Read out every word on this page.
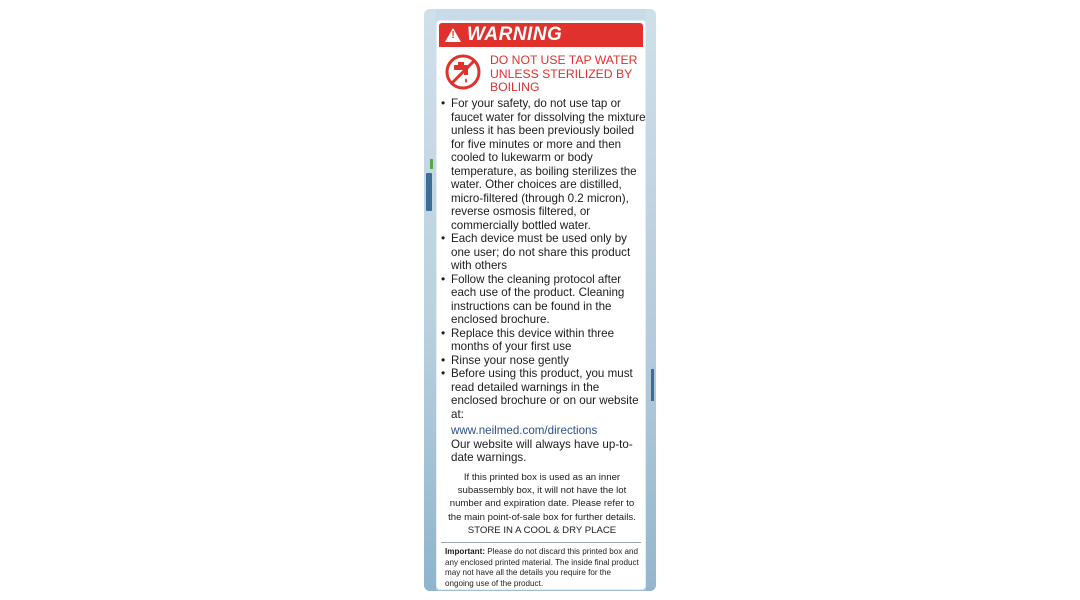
! WARNING
DO NOT USE TAP WATER UNLESS STERILIZED BY BOILING
• For your safety, do not use tap or faucet water for dissolving the mixture unless it has been previously boiled for five minutes or more and then cooled to lukewarm or body temperature, as boiling sterilizes the water. Other choices are distilled, micro-filtered (through 0.2 micron), reverse osmosis filtered, or commercially bottled water.
• Each device must be used only by one user; do not share this product with others
• Follow the cleaning protocol after each use of the product. Cleaning instructions can be found in the enclosed brochure.
• Replace this device within three months of your first use
• Rinse your nose gently
• Before using this product, you must read detailed warnings in the enclosed brochure or on our website at:
www.neilmed.com/directions
Our website will always have up-to-date warnings.
If this printed box is used as an inner subassembly box, it will not have the lot number and expiration date. Please refer to the main point-of-sale box for further details.
STORE IN A COOL & DRY PLACE
Important: Please do not discard this printed box and any enclosed printed material. The inside final product may not have all the details you require for the ongoing use of the product.
